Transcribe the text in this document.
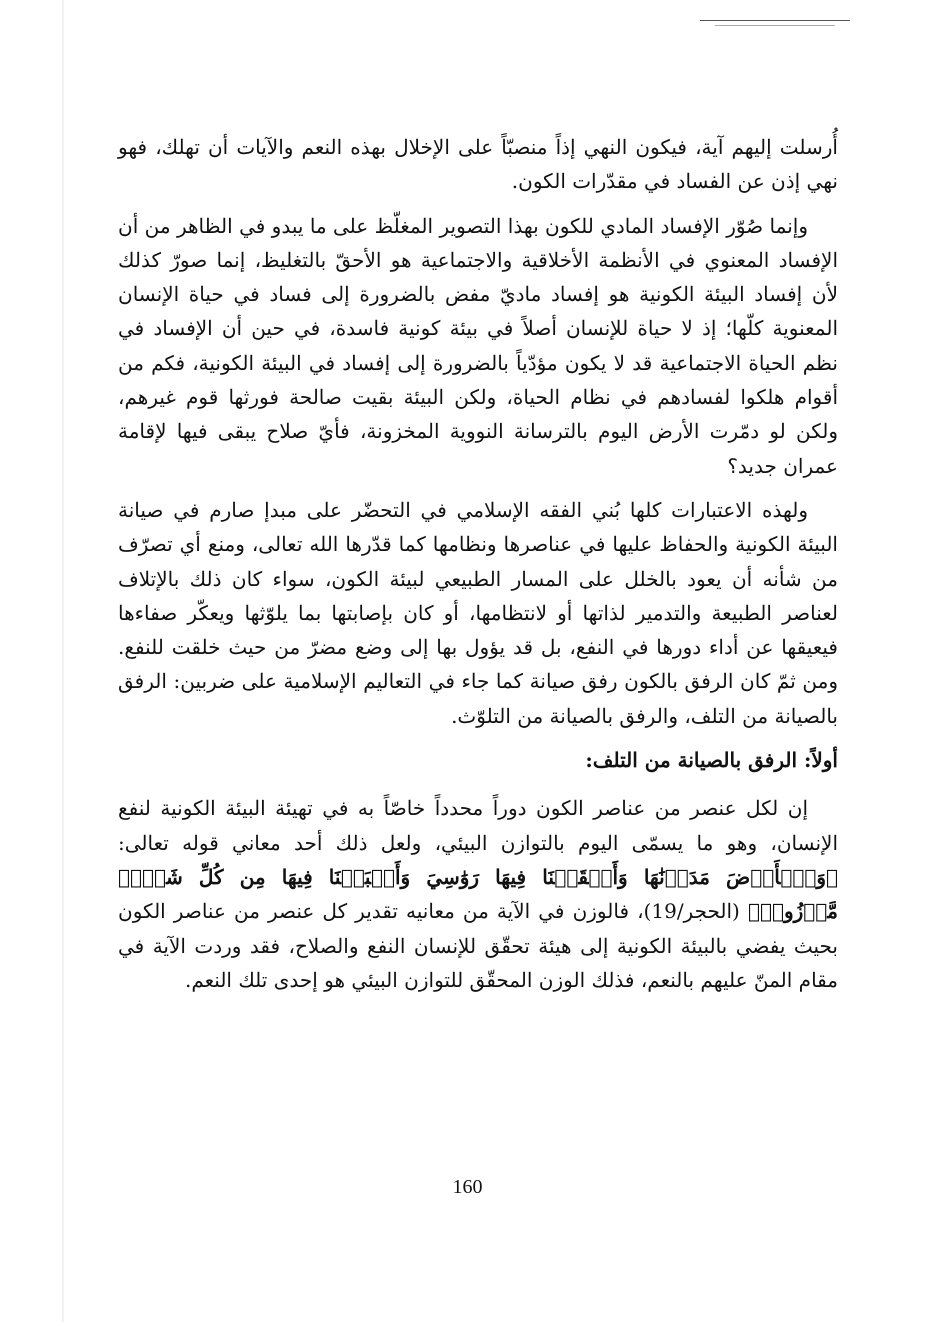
أُرسلت إليهم آية، فيكون النهي إذاً منصبّاً على الإخلال بهذه النعم والآيات أن تهلك، فهو نهي إذن عن الفساد في مقدّرات الكون.

وإنما صُوّر الإفساد المادي للكون بهذا التصوير المغلّظ على ما يبدو في الظاهر من أن الإفساد المعنوي في الأنظمة الأخلاقية والاجتماعية هو الأحقّ بالتغليظ، إنما صورّ كذلك لأن إفساد البيئة الكونية هو إفساد ماديّ مفض بالضرورة إلى فساد في حياة الإنسان المعنوية كلّها؛ إذ لا حياة للإنسان أصلاً في بيئة كونية فاسدة، في حين أن الإفساد في نظم الحياة الاجتماعية قد لا يكون مؤدّياً بالضرورة إلى إفساد في البيئة الكونية، فكم من أقوام هلكوا لفسادهم في نظام الحياة، ولكن البيئة بقيت صالحة فورثها قوم غيرهم، ولكن لو دمّرت الأرض اليوم بالترسانة النووية المخزونة، فأيّ صلاح يبقى فيها لإقامة عمران جديد؟

ولهذه الاعتبارات كلها بُني الفقه الإسلامي في التحضّر على مبدإ صارم في صيانة البيئة الكونية والحفاظ عليها في عناصرها ونظامها كما قدّرها الله تعالى، ومنع أي تصرّف من شأنه أن يعود بالخلل على المسار الطبيعي لبيئة الكون، سواء كان ذلك بالإتلاف لعناصر الطبيعة والتدمير لذاتها أو لانتظامها، أو كان بإصابتها بما يلوّثها ويعكّر صفاءها فيعيقها عن أداء دورها في النفع، بل قد يؤول بها إلى وضع مضرّ من حيث خلقت للنفع. ومن ثمّ كان الرفق بالكون رفق صيانة كما جاء في التعاليم الإسلامية على ضربين: الرفق بالصيانة من التلف، والرفق بالصيانة من التلوّث.

أولاً: الرفق بالصيانة من التلف:

إن لكل عنصر من عناصر الكون دوراً محدداً خاصّاً به في تهيئة البيئة الكونية لنفع الإنسان، وهو ما يسمّى اليوم بالتوازن البيئي، ولعل ذلك أحد معاني قوله تعالى: ﴿وَٱلۡأَرۡضَ مَدَدۡنَٰهَا وَأَلۡقَيۡنَا فِيهَا رَوَٰسِيَ وَأَنۢبَتۡنَا فِيهَا مِن كُلِّ شَيۡءٖ مَّوۡزُونٖ﴾ (الحجر/19)، فالوزن في الآية من معانيه تقدير كل عنصر من عناصر الكون بحيث يفضي بالبيئة الكونية إلى هيئة تحقّق للإنسان النفع والصلاح، فقد وردت الآية في مقام المنّ عليهم بالنعم، فذلك الوزن المحقّق للتوازن البيئي هو إحدى تلك النعم.

160
